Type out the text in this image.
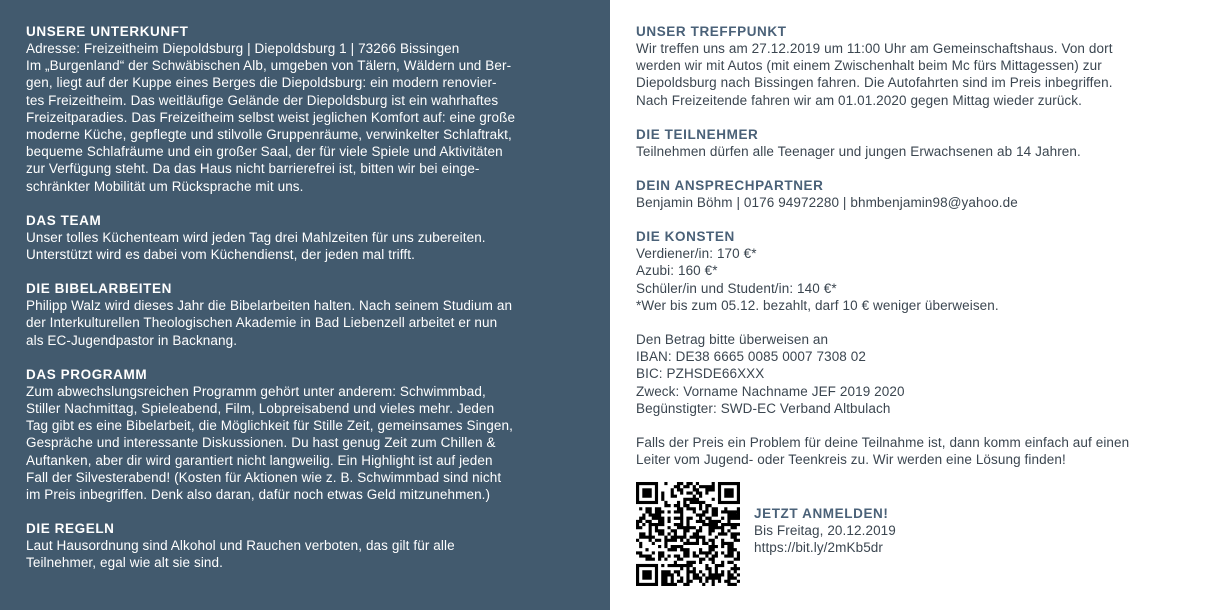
UNSERE UNTERKUNFT

Adresse: Freizeitheim Diepoldsburg | Diepoldsburg 1 | 73266 Bissingen

Im „Burgenland“ der Schwäbischen Alb, umgeben von Tälern, Wäldern und Ber-

gen, liegt auf der Kuppe eines Berges die Diepoldsburg: ein modern renovier-

tes Freizeitheim. Das weitläufige Gelände der Diepoldsburg ist ein wahrhaftes

Freizeitparadies. Das Freizeitheim selbst weist jeglichen Komfort auf: eine große

moderne Küche, gepflegte und stilvolle Gruppenräume, verwinkelter Schlaftrakt,

bequeme Schlafräume und ein großer Saal, der für viele Spiele und Aktivitäten

zur Verfügung steht. Da das Haus nicht barrierefrei ist, bitten wir bei einge-

schränkter Mobilität um Rücksprache mit uns.

DAS TEAM

Unser tolles Küchenteam wird jeden Tag drei Mahlzeiten für uns zubereiten.

Unterstützt wird es dabei vom Küchendienst, der jeden mal trifft.

DIE BIBELARBEITEN

Philipp Walz wird dieses Jahr die Bibelarbeiten halten. Nach seinem Studium an

der Interkulturellen Theologischen Akademie in Bad Liebenzell arbeitet er nun

als EC-Jugendpastor in Backnang.

DAS PROGRAMM

Zum abwechslungsreichen Programm gehört unter anderem: Schwimmbad,

Stiller Nachmittag, Spieleabend, Film, Lobpreisabend und vieles mehr. Jeden

Tag gibt es eine Bibelarbeit, die Möglichkeit für Stille Zeit, gemeinsames Singen,

Gespräche und interessante Diskussionen. Du hast genug Zeit zum Chillen &

Auftanken, aber dir wird garantiert nicht langweilig. Ein Highlight ist auf jeden

Fall der Silvesterabend! (Kosten für Aktionen wie z. B. Schwimmbad sind nicht

im Preis inbegriffen. Denk also daran, dafür noch etwas Geld mitzunehmen.)

DIE REGELN

Laut Hausordnung sind Alkohol und Rauchen verboten, das gilt für alle

Teilnehmer, egal wie alt sie sind.

UNSER TREFFPUNKT

Wir treffen uns am 27.12.2019 um 11:00 Uhr am Gemeinschaftshaus. Von dort

werden wir mit Autos (mit einem Zwischenhalt beim Mc fürs Mittagessen) zur

Diepoldsburg nach Bissingen fahren. Die Autofahrten sind im Preis inbegriffen.

Nach Freizeitende fahren wir am 01.01.2020 gegen Mittag wieder zurück.

DIE TEILNEHMER

Teilnehmen dürfen alle Teenager und jungen Erwachsenen ab 14 Jahren.

DEIN ANSPRECHPARTNER

Benjamin Böhm | 0176 94972280 | bhmbenjamin98@yahoo.de

DIE KONSTEN

Verdiener/in: 170 €*

Azubi: 160 €*

Schüler/in und Student/in: 140 €*

*Wer bis zum 05.12. bezahlt, darf 10 € weniger überweisen.

Den Betrag bitte überweisen an

IBAN: DE38 6665 0085 0007 7308 02

BIC: PZHSDE66XXX

Zweck: Vorname Nachname JEF 2019 2020

Begünstigter: SWD-EC Verband Altbulach

Falls der Preis ein Problem für deine Teilnahme ist, dann komm einfach auf einen

Leiter vom Jugend- oder Teenkreis zu. Wir werden eine Lösung finden!

JETZT ANMELDEN!

Bis Freitag, 20.12.2019

https://bit.ly/2mKb5dr
